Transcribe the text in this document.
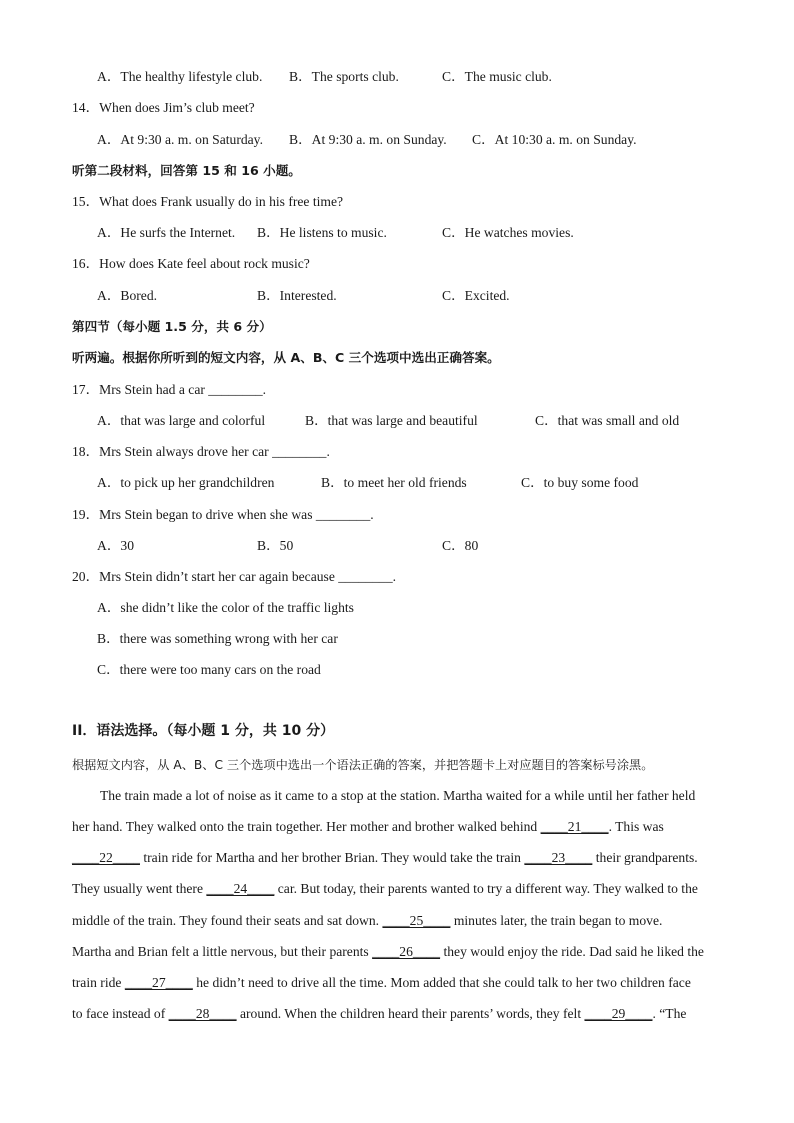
A．The healthy lifestyle club. B．The sports club.	C．The music club.
14．When does Jim’s club meet?
A．At 9:30 a. m. on Saturday. B．At 9:30 a. m. on Sunday. C．At 10:30 a. m. on Sunday.
听第二段材料，回答第 15 和 16 小题。
15．What does Frank usually do in his free time?
A．He surfs the Internet. B．He listens to music.	C．He watches movies.
16．How does Kate feel about rock music?
A．Bored.	B．Interested.	C．Excited.
第四节（每小题 1.5 分，共 6 分）
听两遍。根据你所听到的短文内容，从 A、B、C 三个选项中选出正确答案。
17．Mrs Stein had a car ________.
A．that was large and colorful	B．that was large and beautiful	C．that was small and old
18．Mrs Stein always drove her car ________.
A．to pick up her grandchildren	B．to meet her old friends	C．to buy some food
19．Mrs Stein began to drive when she was ________.
A．30	B．50	C．80
20．Mrs Stein didn’t start her car again because ________.
A．she didn’t like the color of the traffic lights
B．there was something wrong with her car
C．there were too many cars on the road
II．语法选择。（每小题 1 分，共 10 分）
根据短文内容，从 A、B、C 三个选项中选出一个语法正确的答案，并把答题卡上对应题目的答案标号涂黑。
The train made a lot of noise as it came to a stop at the station. Martha waited for a while until her father held
her hand. They walked onto the train together. Her mother and brother walked behind ____21____. This was
____22____ train ride for Martha and her brother Brian. They would take the train ____23____ their grandparents.
They usually went there ____24____ car. But today, their parents wanted to try a different way. They walked to the
middle of the train. They found their seats and sat down. ____25____ minutes later, the train began to move.
Martha and Brian felt a little nervous, but their parents ____26____ they would enjoy the ride. Dad said he liked the
train ride ____27____ he didn’t need to drive all the time. Mom added that she could talk to her two children face
to face instead of ____28____ around. When the children heard their parents’ words, they felt ____29____. “The
